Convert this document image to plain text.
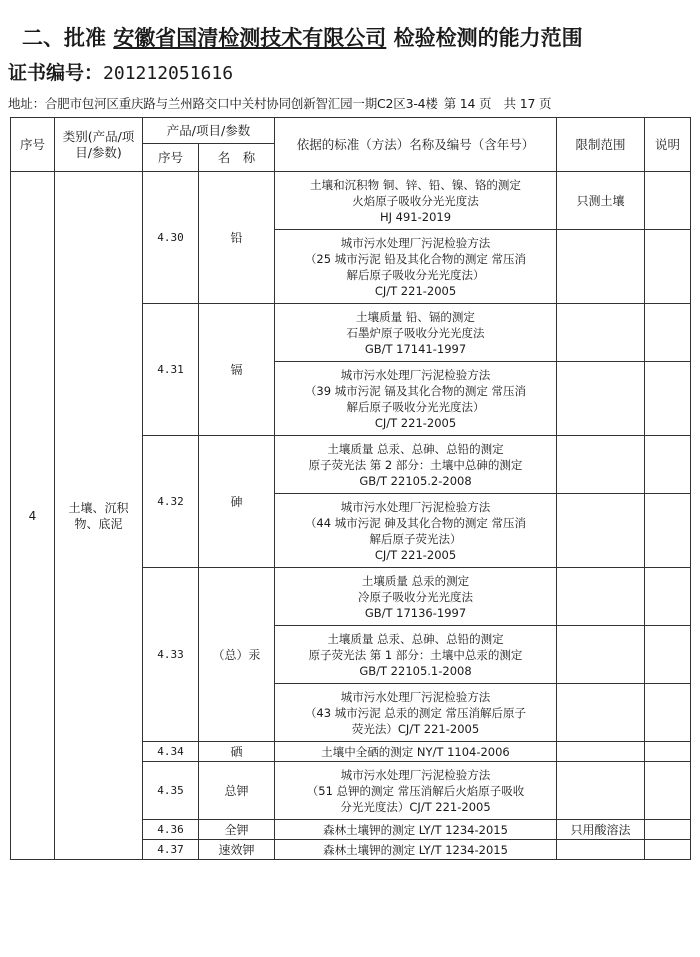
二、批准 安徽省国清检测技术有限公司 检验检测的能力范围
证书编号：201212051616
地址：合肥市包河区重庆路与兰州路交口中关村协同创新智汇园一期C2区3-4楼 第 14 页　共 17 页
序号	类别(产品/项目/参数)	产品/项目/参数		依据的标准（方法）名称及编号（含年号）	限制范围	说明
		序号	名　称			
4	土壤、沉积物、底泥	4.30	铅	土壤和沉积物 铜、锌、铅、镍、铬的测定
火焰原子吸收分光光度法
HJ 491-2019	只测土壤	

				城市污水处理厂污泥检验方法
（25 城市污泥 铅及其化合物的测定 常压消
解后原子吸收分光光度法）
CJ/T 221-2005		

		4.31	镉	土壤质量 铅、镉的测定
石墨炉原子吸收分光光度法
GB/T 17141-1997		

				城市污水处理厂污泥检验方法
（39 城市污泥 镉及其化合物的测定 常压消
解后原子吸收分光光度法）
CJ/T 221-2005		

		4.32	砷	土壤质量 总汞、总砷、总铅的测定
原子荧光法 第 2 部分：土壤中总砷的测定
GB/T 22105.2-2008		

				城市污水处理厂污泥检验方法
（44 城市污泥 砷及其化合物的测定 常压消
解后原子荧光法）
CJ/T 221-2005		

		4.33	（总）汞	土壤质量 总汞的测定
冷原子吸收分光光度法
GB/T 17136-1997		

				土壤质量 总汞、总砷、总铅的测定
原子荧光法 第 1 部分：土壤中总汞的测定
GB/T 22105.1-2008		

				城市污水处理厂污泥检验方法
（43 城市污泥 总汞的测定 常压消解后原子
荧光法）CJ/T 221-2005		

		4.34	硒	土壤中全硒的测定 NY/T 1104-2006		

		4.35	总钾	城市污水处理厂污泥检验方法
（51 总钾的测定 常压消解后火焰原子吸收
分光光度法）CJ/T 221-2005		

		4.36	全钾	森林土壤钾的测定 LY/T 1234-2015	只用酸溶法	
		4.37	速效钾	森林土壤钾的测定 LY/T 1234-2015		
